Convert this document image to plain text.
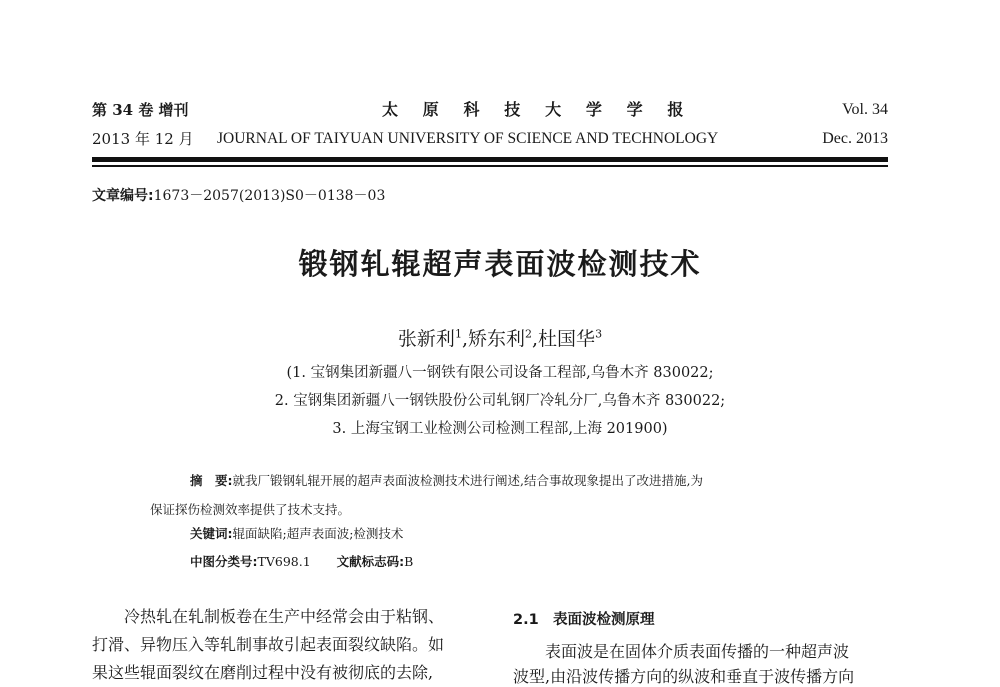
第 34 卷 增刊
2013 年 12 月
太 原 科 技 大 学 学 报
JOURNAL OF TAIYUAN UNIVERSITY OF SCIENCE AND TECHNOLOGY
Vol. 34
Dec. 2013
文章编号:1673－2057(2013)S0－0138－03
锻钢轧辊超声表面波检测技术
张新利$^1$,矫东利$^2$,杜国华$^3$
(1. 宝钢集团新疆八一钢铁有限公司设备工程部,乌鲁木齐 830022;
2. 宝钢集团新疆八一钢铁股份公司轧钢厂冷轧分厂,乌鲁木齐 830022;
3. 上海宝钢工业检测公司检测工程部,上海 201900)
摘　要:就我厂锻钢轧辊开展的超声表面波检测技术进行阐述,结合事故现象提出了改进措施,为
保证探伤检测效率提供了技术支持。
关键词:辊面缺陷;超声表面波;检测技术
中图分类号:TV698.1 文献标志码:B
冷热轧在轧制板卷在生产中经常会由于粘钢、
打滑、异物压入等轧制事故引起表面裂纹缺陷。如
果这些辊面裂纹在磨削过程中没有被彻底的去除,
2.1 表面波检测原理
表面波是在固体介质表面传播的一种超声波
波型,由沿波传播方向的纵波和垂直于波传播方向
